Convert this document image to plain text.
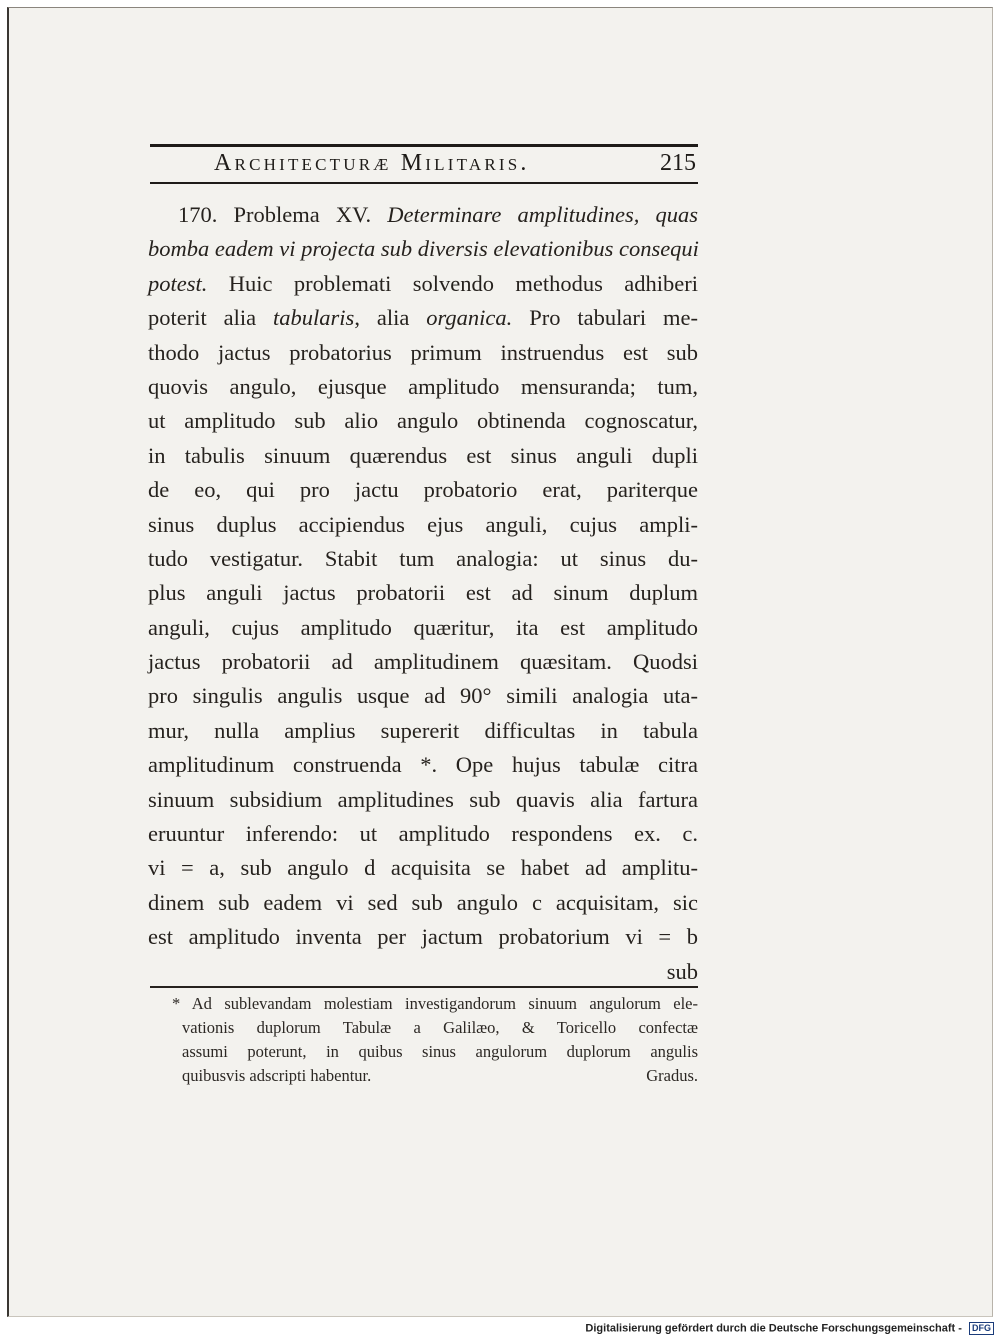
Architecturæ Militaris.	215
170. Problema XV. Determinare amplitudines, quas
bomba eadem vi projecta sub diversis elevationibus consequi
potest. Huic problemati solvendo methodus adhiberi
poterit alia tabularis, alia organica. Pro tabulari me-
thodo jactus probatorius primum instruendus est sub
quovis angulo, ejusque amplitudo mensuranda; tum,
ut amplitudo sub alio angulo obtinenda cognoscatur,
in tabulis sinuum quærendus est sinus anguli dupli
de eo, qui pro jactu probatorio erat, pariterque
sinus duplus accipiendus ejus anguli, cujus ampli-
tudo vestigatur. Stabit tum analogia: ut sinus du-
plus anguli jactus probatorii est ad sinum duplum
anguli, cujus amplitudo quæritur, ita est amplitudo
jactus probatorii ad amplitudinem quæsitam. Quodsi
pro singulis angulis usque ad 90° simili analogia uta-
mur, nulla amplius supererit difficultas in tabula
amplitudinum construenda *. Ope hujus tabulæ citra
sinuum subsidium amplitudines sub quavis alia fartura
eruuntur inferendo: ut amplitudo respondens ex. c.
vi = a, sub angulo d acquisita se habet ad amplitu-
dinem sub eadem vi sed sub angulo c acquisitam, sic
est amplitudo inventa per jactum probatorium vi = b
sub
* Ad sublevandam molestiam investigandorum sinuum angulorum ele-
vationis duplorum Tabulæ a Galilæo, & Toricello confectæ
assumi poterunt, in quibus sinus angulorum duplorum angulis
quibusvis adscripti habentur.	Gradus.
Digitalisierung gefördert durch die Deutsche Forschungsgemeinschaft - DFG
